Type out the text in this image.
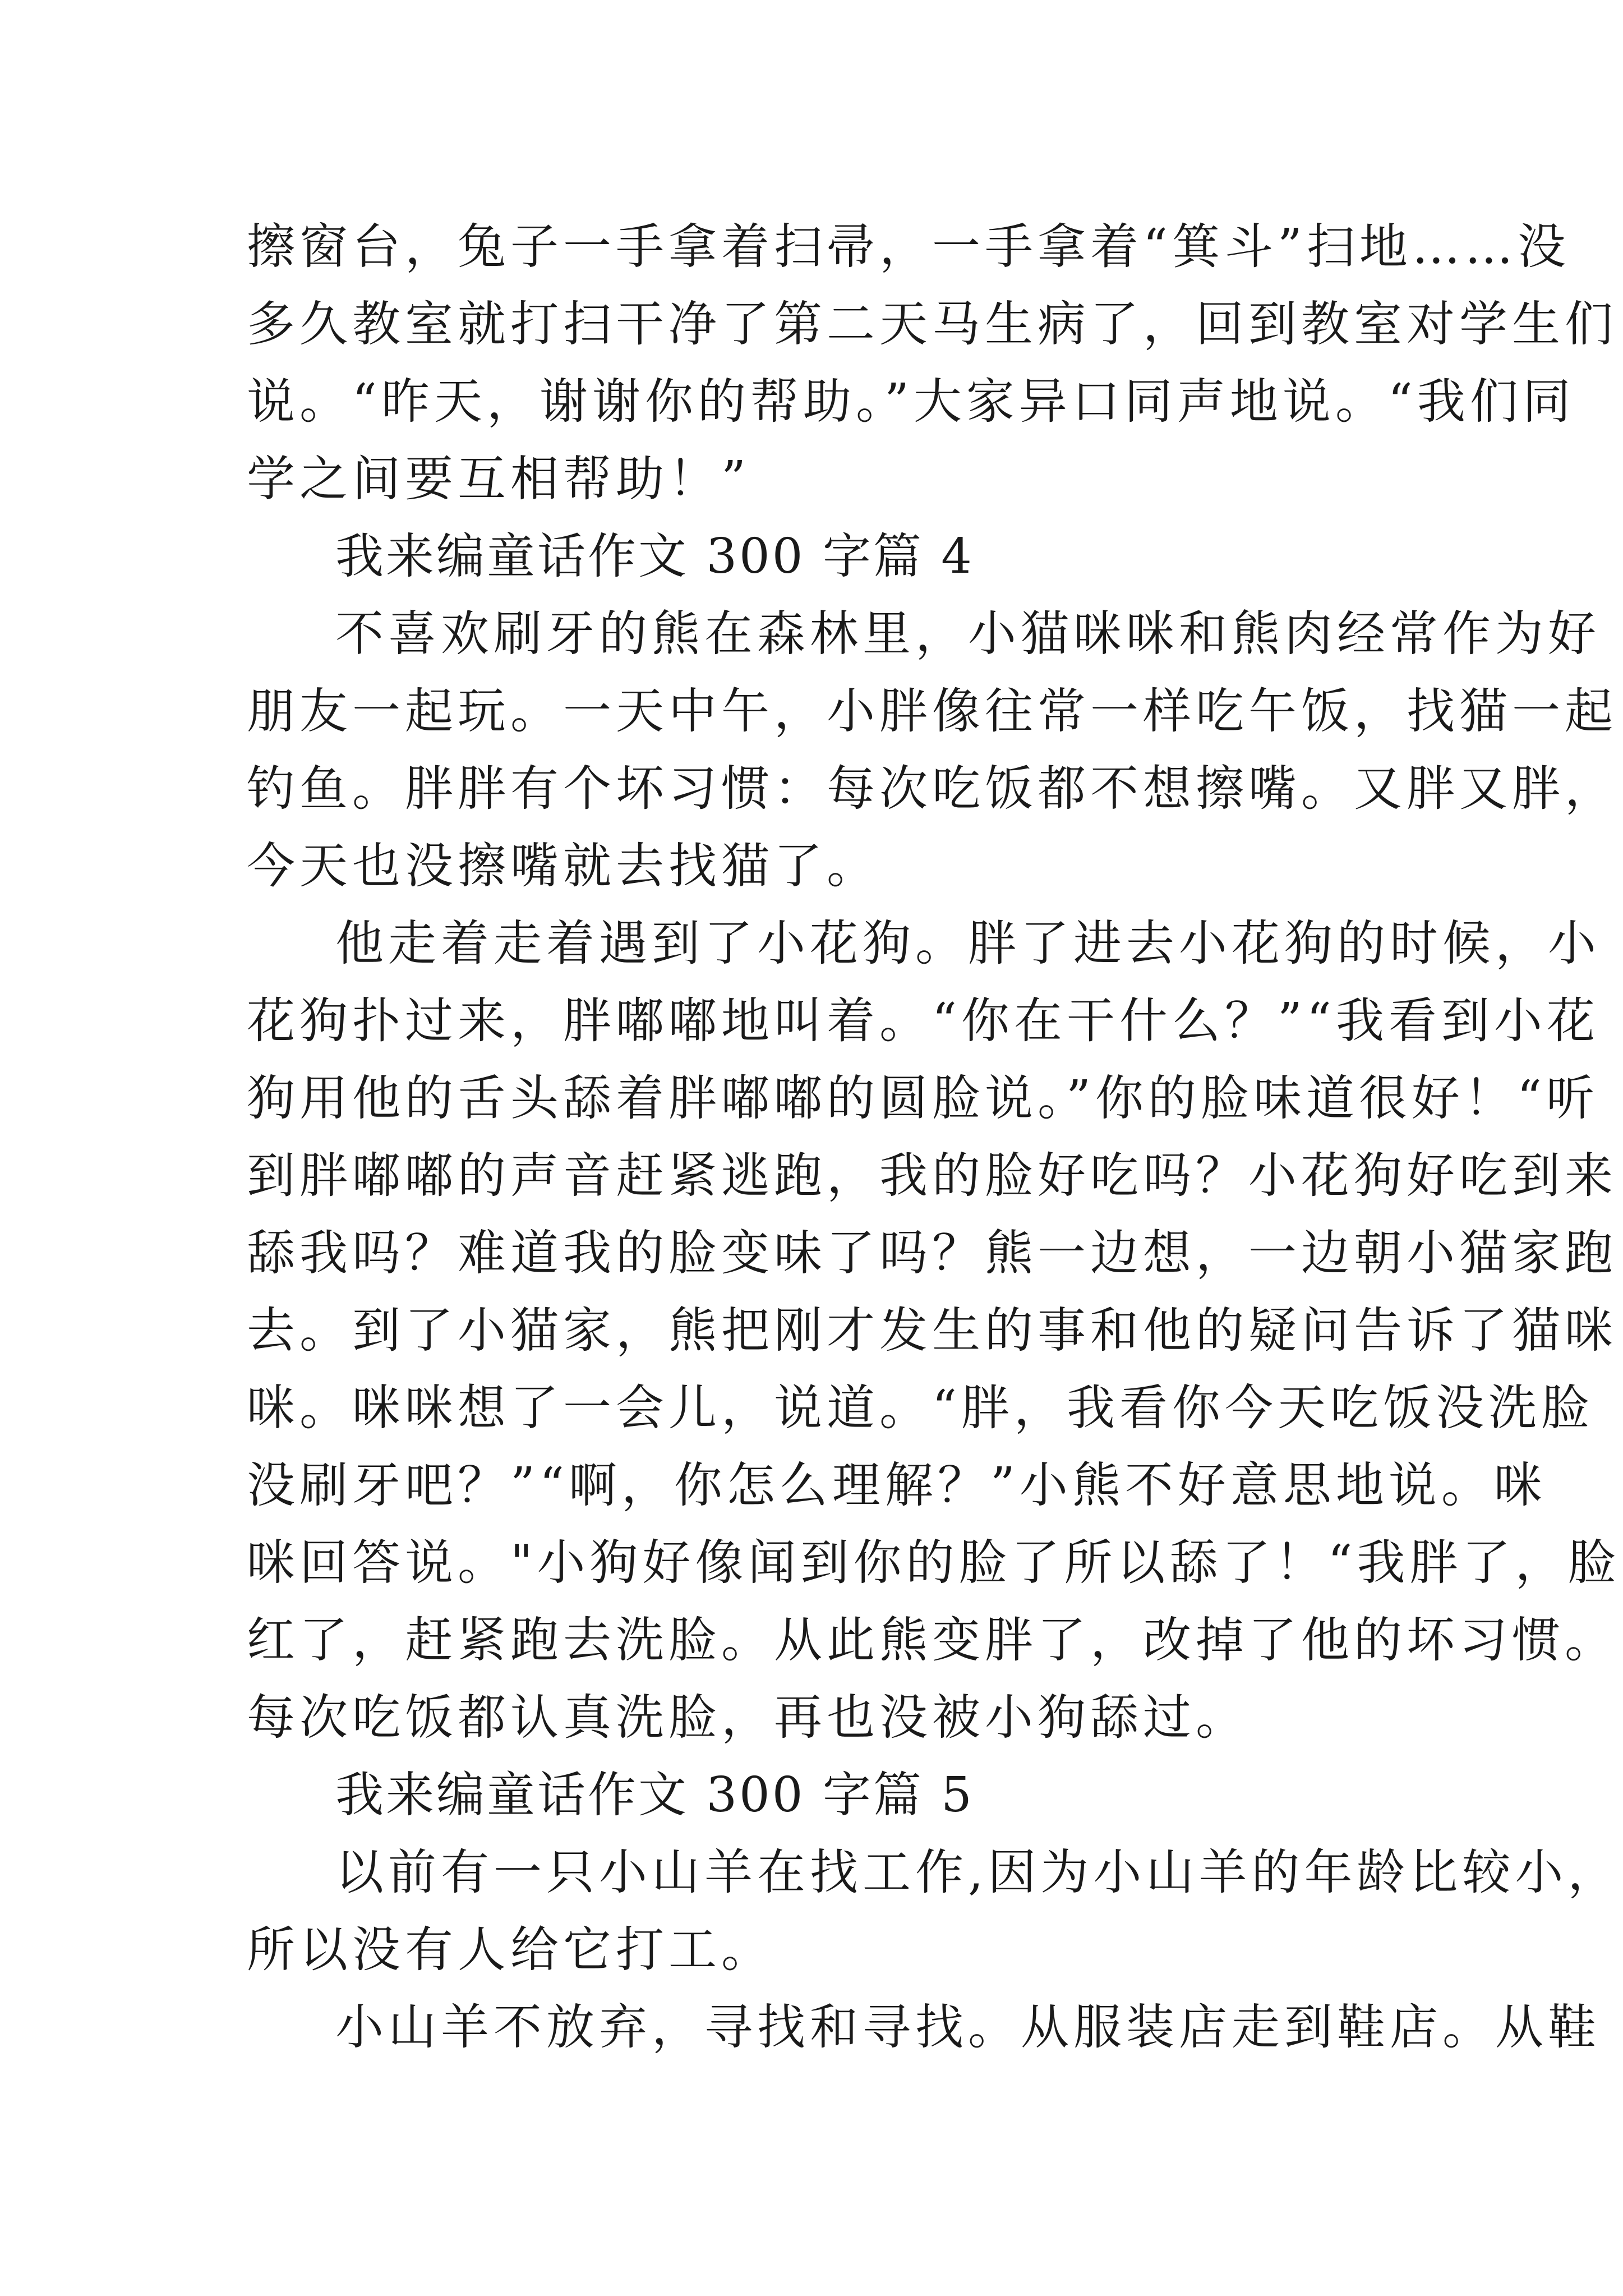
擦窗台，兔子一手拿着扫帚，一手拿着“箕斗”扫地……没
多久教室就打扫干净了第二天马生病了，回到教室对学生们
说。“昨天，谢谢你的帮助。”大家异口同声地说。“我们同
学之间要互相帮助！”
我来编童话作文 300 字篇 4
不喜欢刷牙的熊在森林里，小猫咪咪和熊肉经常作为好
朋友一起玩。一天中午，小胖像往常一样吃午饭，找猫一起
钓鱼。胖胖有个坏习惯：每次吃饭都不想擦嘴。又胖又胖，
今天也没擦嘴就去找猫了。
他走着走着遇到了小花狗。胖了进去小花狗的时候，小
花狗扑过来，胖嘟嘟地叫着。“你在干什么？”“我看到小花
狗用他的舌头舔着胖嘟嘟的圆脸说。”你的脸味道很好！“听
到胖嘟嘟的声音赶紧逃跑，我的脸好吃吗？小花狗好吃到来
舔我吗？难道我的脸变味了吗？熊一边想，一边朝小猫家跑
去。到了小猫家，熊把刚才发生的事和他的疑问告诉了猫咪
咪。咪咪想了一会儿，说道。“胖，我看你今天吃饭没洗脸
没刷牙吧？”“啊，你怎么理解？”小熊不好意思地说。咪
咪回答说。"小狗好像闻到你的脸了所以舔了！“我胖了，脸
红了，赶紧跑去洗脸。从此熊变胖了，改掉了他的坏习惯。
每次吃饭都认真洗脸，再也没被小狗舔过。
我来编童话作文 300 字篇 5
以前有一只小山羊在找工作,因为小山羊的年龄比较小，
所以没有人给它打工。
小山羊不放弃，寻找和寻找。从服装店走到鞋店。从鞋
